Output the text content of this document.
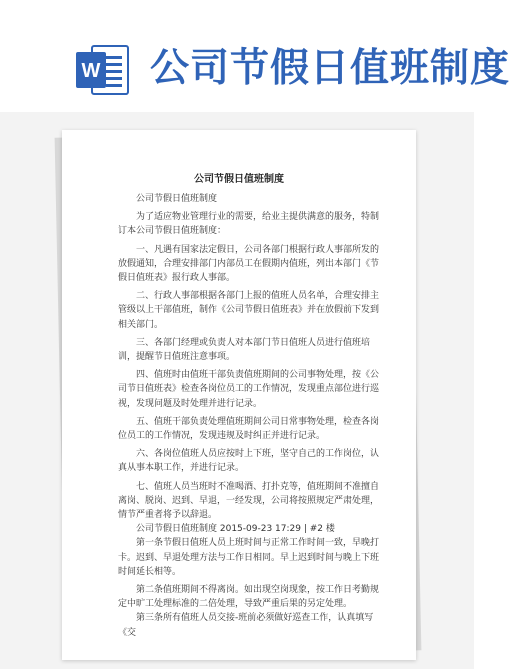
W 公司节假日值班制度
公司节假日值班制度

公司节假日值班制度

为了适应物业管理行业的需要，给业主提供满意的服务，特制订本公司节假日值班制度：

一、凡遇有国家法定假日，公司各部门根据行政人事部所发的放假通知，合理安排部门内部员工在假期内值班，列出本部门《节假日值班表》报行政人事部。

二、行政人事部根据各部门上报的值班人员名单，合理安排主管级以上干部值班，制作《公司节假日值班表》并在放假前下发到相关部门。

三、各部门经理或负责人对本部门节日值班人员进行值班培训，提醒节日值班注意事项。

四、值班时由值班干部负责值班期间的公司事物处理，按《公司节日值班表》检查各岗位员工的工作情况，发现重点部位进行巡视，发现问题及时处理并进行记录。

五、值班干部负责处理值班期间公司日常事物处理，检查各岗位员工的工作情况，发现违规及时纠正并进行记录。

六、各岗位值班人员应按时上下班，坚守自己的工作岗位，认真从事本职工作，并进行记录。

七、值班人员当班时不准喝酒、打扑克等，值班期间不准擅自离岗、脱岗、迟到、早退，一经发现，公司将按照规定严肃处理，情节严重者将予以辞退。

公司节假日值班制度 2015-09-23 17:29 | #2 楼

第一条节假日值班人员上班时间与正常工作时间一致，早晚打卡。迟到、早退处理方法与工作日相同。早上迟到时间与晚上下班时间延长相等。

第二条值班期间不得离岗。如出现空岗现象，按工作日考勤规定中旷工处理标准的二倍处理，导致严重后果的另定处理。

第三条所有值班人员交接-班前必须做好巡查工作，认真填写《交
